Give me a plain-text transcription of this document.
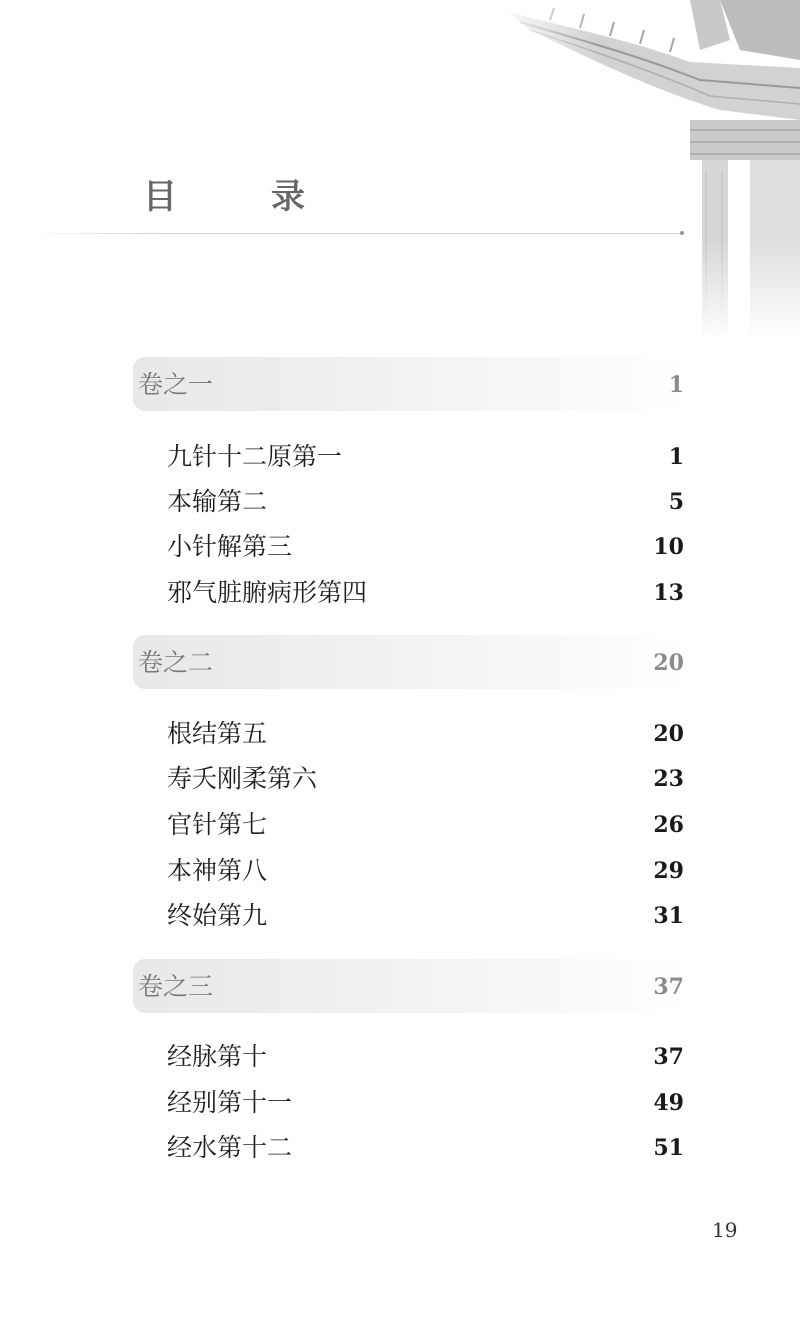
目　录
卷之一	1
九针十二原第一	1
本输第二	5
小针解第三	10
邪气脏腑病形第四	13
卷之二	20
根结第五	20
寿夭刚柔第六	23
官针第七	26
本神第八	29
终始第九	31
卷之三	37
经脉第十	37
经别第十一	49
经水第十二	51
19
